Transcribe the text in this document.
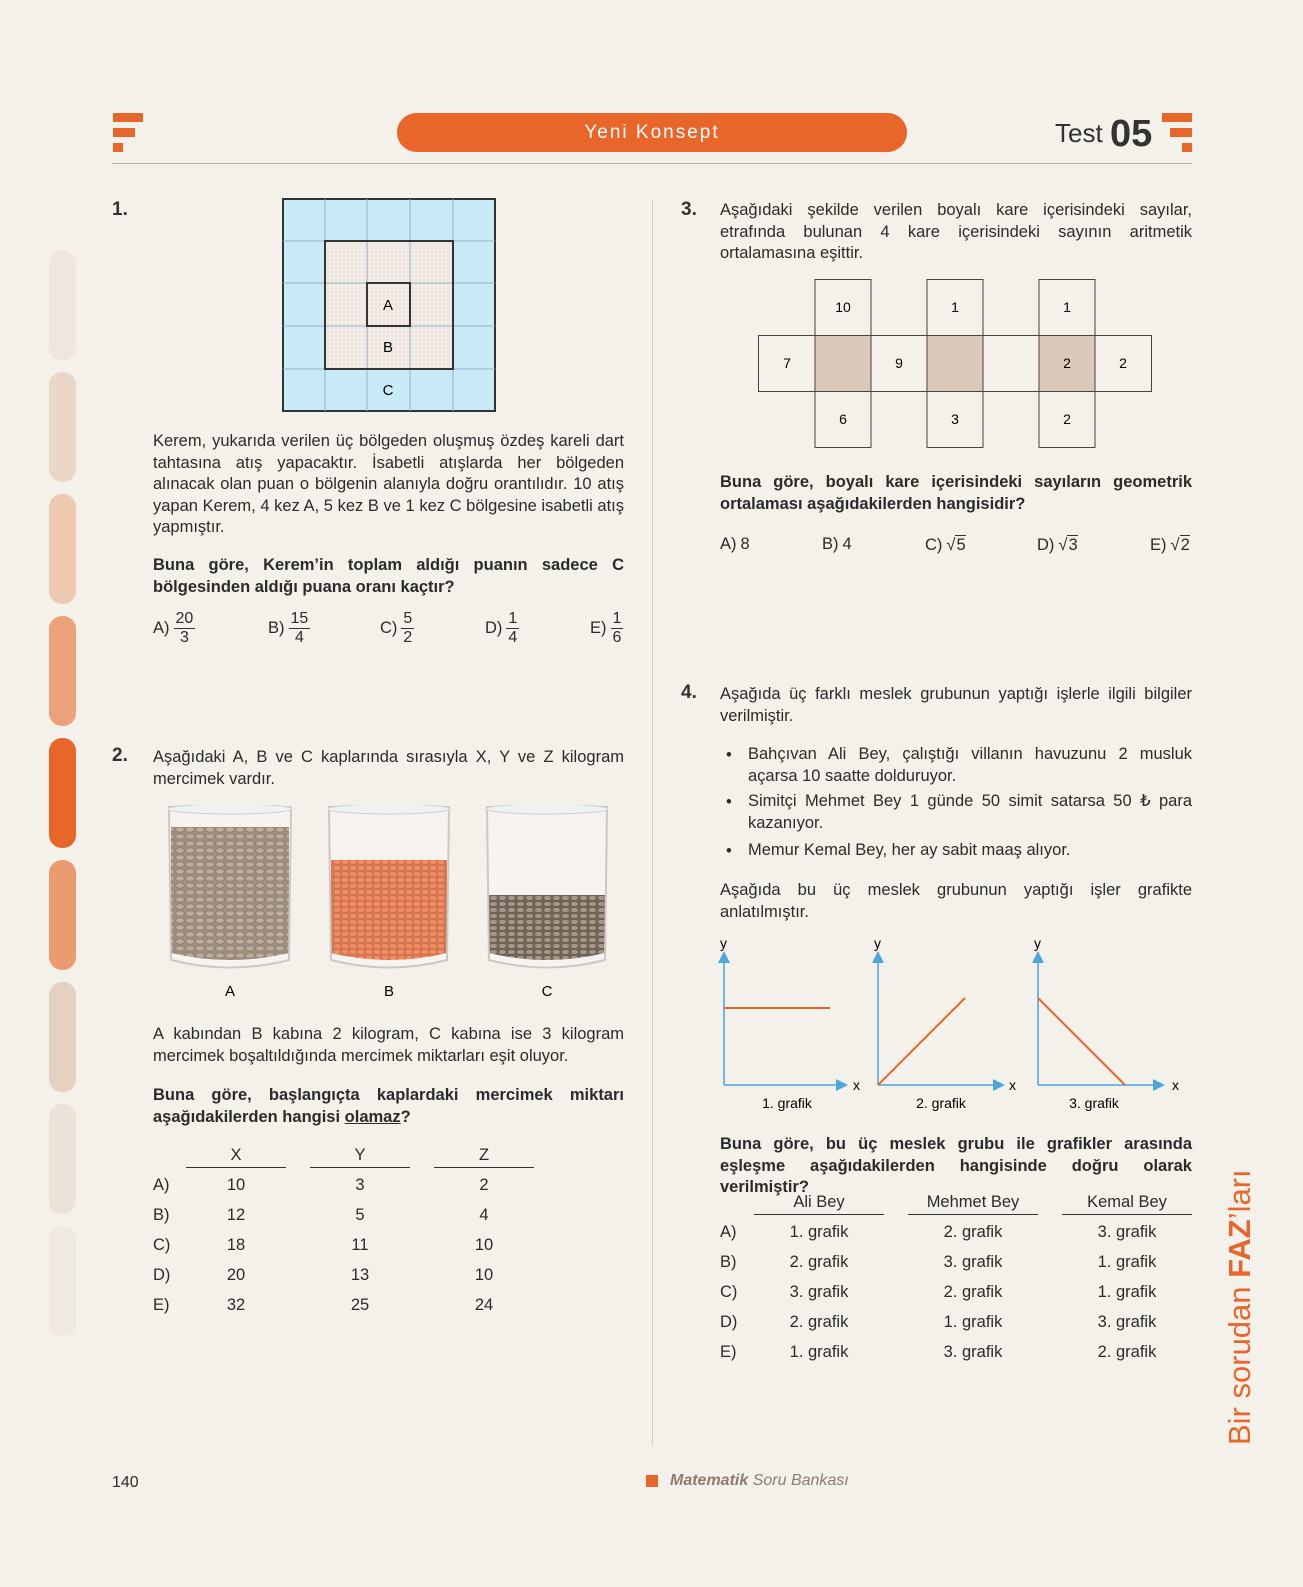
Yeni Konsept	Test 05
1.
A
B
C
Kerem, yukarıda verilen üç bölgeden oluşmuş özdeş kareli dart tahtasına atış yapacaktır. İsabetli atışlarda her bölgeden alınacak olan puan o bölgenin alanıyla doğru orantılıdır. 10 atış yapan Kerem, 4 kez A, 5 kez B ve 1 kez C bölgesine isabetli atış yapmıştır.
Buna göre, Kerem’in toplam aldığı puanın sadece C bölgesinden aldığı puana oranı kaçtır?
$A) \frac{20}{3}$	$B) \frac{15}{4}$	$C) \frac{5}{2}$	$D) \frac{1}{4}$	$E) \frac{1}{6}$
2. Aşağıdaki A, B ve C kaplarında sırasıyla X, Y ve Z kilogram mercimek vardır.
A	B	C
A kabından B kabına 2 kilogram, C kabına ise 3 kilogram mercimek boşaltıldığında mercimek miktarları eşit oluyor.
Buna göre, başlangıçta kaplardaki mercimek miktarı aşağıdakilerden hangisi olamaz?
X	Y	Z
A)	10	3	2
B)	12	5	4
C)	18	11	10
D)	20	13	10
E)	32	25	24
3. Aşağıdaki şekilde verilen boyalı kare içerisindeki sayılar, etrafında bulunan 4 kare içerisindeki sayının aritmetik ortalamasına eşittir.
10
7	9
6
1
3
1
2	2
2
Buna göre, boyalı kare içerisindeki sayıların geometrik ortalaması aşağıdakilerden hangisidir?
A) 8	B) 4	C) √ 5	D) √ 3	E) √ 2
4. Aşağıda üç farklı meslek grubunun yaptığı işlerle ilgili bilgiler verilmiştir.
• Bahçıvan Ali Bey, çalıştığı villanın havuzunu 2 musluk açarsa 10 saatte dolduruyor.
• Simitçi Mehmet Bey 1 günde 50 simit satarsa 50 ₺ para kazanıyor.
• Memur Kemal Bey, her ay sabit maaş alıyor.
Aşağıda bu üç meslek grubunun yaptığı işler grafikte anlatılmıştır.
y
x
1. grafik
y
x
2. grafik
y
x
3. grafik
Buna göre, bu üç meslek grubu ile grafikler arasında eşleşme aşağıdakilerden hangisinde doğru olarak verilmiştir?
Ali Bey	Mehmet Bey	Kemal Bey
A)	1. grafik	2. grafik	3. grafik
B)	2. grafik	3. grafik	1. grafik
C)	3. grafik	2. grafik	1. grafik
D)	2. grafik	1. grafik	3. grafik
E)	1. grafik	3. grafik	2. grafik	Bir sorudan FAZ’ları
140	Matematik Soru Bankası
